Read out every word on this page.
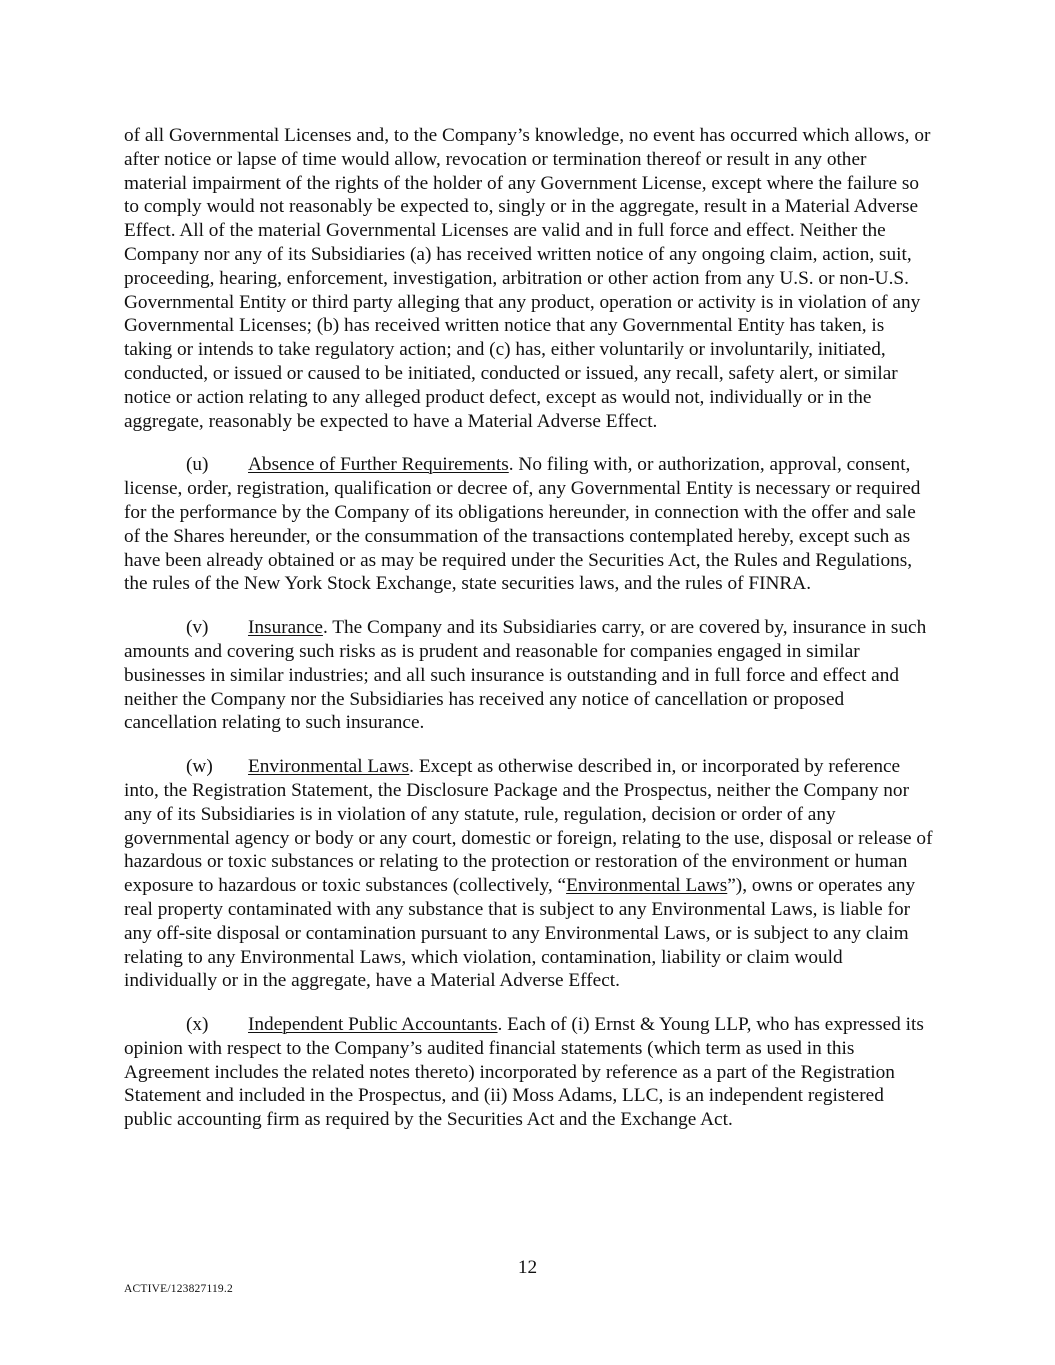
of all Governmental Licenses and, to the Company’s knowledge, no event has occurred which allows, or after notice or lapse of time would allow, revocation or termination thereof or result in any other material impairment of the rights of the holder of any Government License, except where the failure so to comply would not reasonably be expected to, singly or in the aggregate, result in a Material Adverse Effect. All of the material Governmental Licenses are valid and in full force and effect. Neither the Company nor any of its Subsidiaries (a) has received written notice of any ongoing claim, action, suit, proceeding, hearing, enforcement, investigation, arbitration or other action from any U.S. or non-U.S. Governmental Entity or third party alleging that any product, operation or activity is in violation of any Governmental Licenses; (b) has received written notice that any Governmental Entity has taken, is taking or intends to take regulatory action; and (c) has, either voluntarily or involuntarily, initiated, conducted, or issued or caused to be initiated, conducted or issued, any recall, safety alert, or similar notice or action relating to any alleged product defect, except as would not, individually or in the aggregate, reasonably be expected to have a Material Adverse Effect.

(u) Absence of Further Requirements. No filing with, or authorization, approval, consent, license, order, registration, qualification or decree of, any Governmental Entity is necessary or required for the performance by the Company of its obligations hereunder, in connection with the offer and sale of the Shares hereunder, or the consummation of the transactions contemplated hereby, except such as have been already obtained or as may be required under the Securities Act, the Rules and Regulations, the rules of the New York Stock Exchange, state securities laws, and the rules of FINRA.

(v) Insurance. The Company and its Subsidiaries carry, or are covered by, insurance in such amounts and covering such risks as is prudent and reasonable for companies engaged in similar businesses in similar industries; and all such insurance is outstanding and in full force and effect and neither the Company nor the Subsidiaries has received any notice of cancellation or proposed cancellation relating to such insurance.

(w) Environmental Laws. Except as otherwise described in, or incorporated by reference into, the Registration Statement, the Disclosure Package and the Prospectus, neither the Company nor any of its Subsidiaries is in violation of any statute, rule, regulation, decision or order of any governmental agency or body or any court, domestic or foreign, relating to the use, disposal or release of hazardous or toxic substances or relating to the protection or restoration of the environment or human exposure to hazardous or toxic substances (collectively, “Environmental Laws”), owns or operates any real property contaminated with any substance that is subject to any Environmental Laws, is liable for any off-site disposal or contamination pursuant to any Environmental Laws, or is subject to any claim relating to any Environmental Laws, which violation, contamination, liability or claim would individually or in the aggregate, have a Material Adverse Effect.

(x) Independent Public Accountants. Each of (i) Ernst & Young LLP, who has expressed its opinion with respect to the Company’s audited financial statements (which term as used in this Agreement includes the related notes thereto) incorporated by reference as a part of the Registration Statement and included in the Prospectus, and (ii) Moss Adams, LLC, is an independent registered public accounting firm as required by the Securities Act and the Exchange Act.

12
ACTIVE/123827119.2
